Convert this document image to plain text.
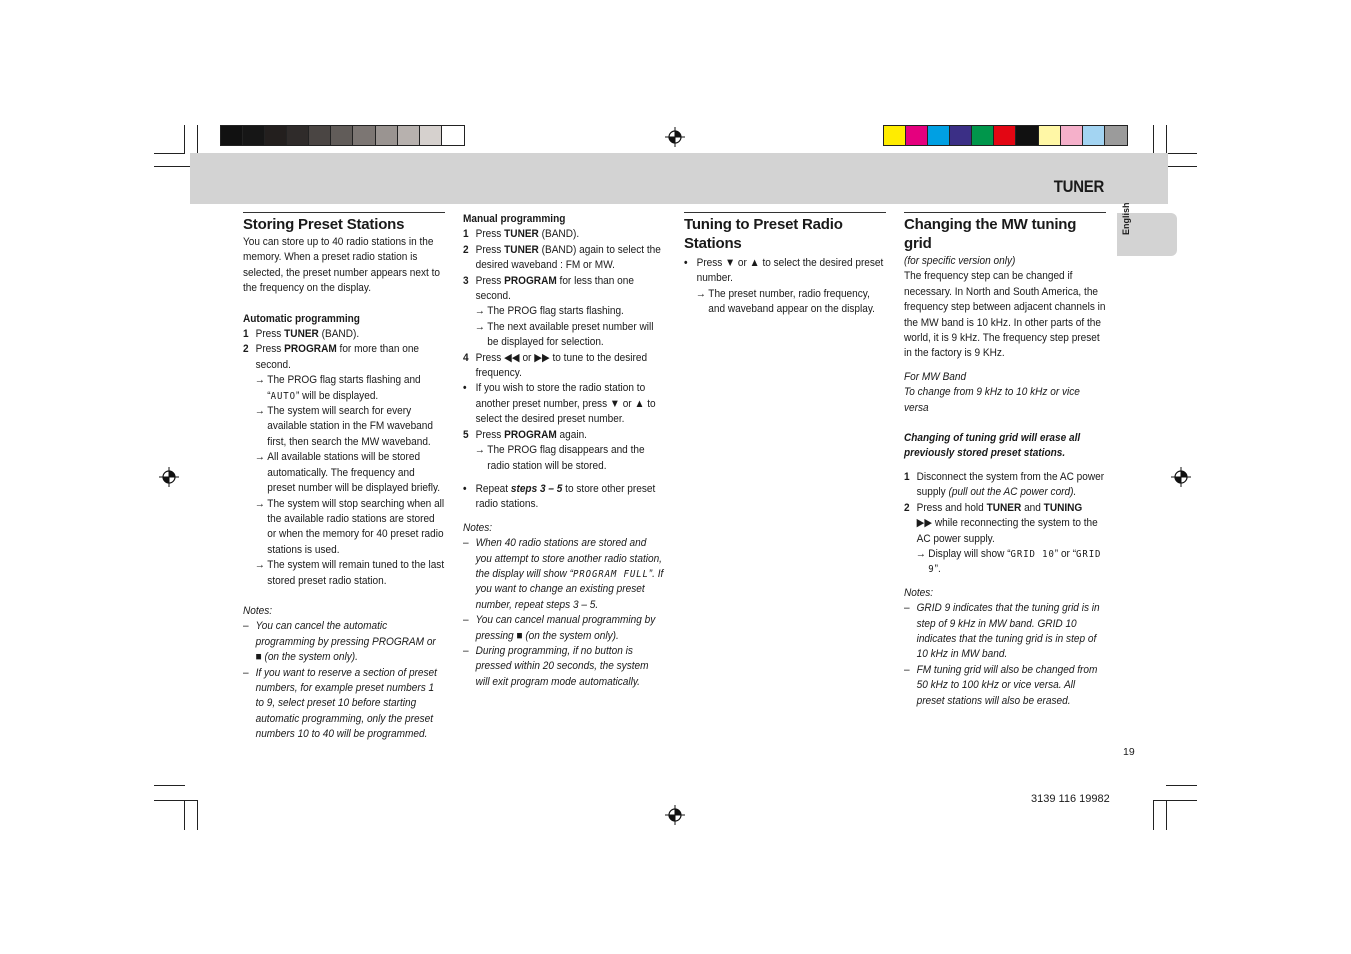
TUNER
English
Storing Preset Stations

You can store up to 40 radio stations in the memory. When a preset radio station is selected, the preset number appears next to the frequency on the display.

Automatic programming
1 Press TUNER (BAND).
2 Press PROGRAM for more than one second.
→ The PROG flag starts flashing and “AUTO” will be displayed.
→ The system will search for every available station in the FM waveband first, then search the MW waveband.
→ All available stations will be stored automatically. The frequency and preset number will be displayed briefly.
→ The system will stop searching when all the available radio stations are stored or when the memory for 40 preset radio stations is used.
→ The system will remain tuned to the last stored preset radio station.

Notes:

– You can cancel the automatic programming by pressing PROGRAM or ■ (on the system only).
– If you want to reserve a section of preset numbers, for example preset numbers 1 to 9, select preset 10 before starting automatic programming, only the preset numbers 10 to 40 will be programmed.
Manual programming
1 Press TUNER (BAND).
2 Press TUNER (BAND) again to select the desired waveband : FM or MW.
3 Press PROGRAM for less than one second.
→ The PROG flag starts flashing.
→ The next available preset number will be displayed for selection.
4 Press ◀◀ or ▶▶ to tune to the desired frequency.
• If you wish to store the radio station to another preset number, press ▼ or ▲ to select the desired preset number.
5 Press PROGRAM again.
→ The PROG flag disappears and the radio station will be stored.
• Repeat steps 3 – 5 to store other preset radio stations.

Notes:

– When 40 radio stations are stored and you attempt to store another radio station, the display will show “PROGRAM FULL”. If you want to change an existing preset number, repeat steps 3 – 5.
– You can cancel manual programming by pressing ■ (on the system only).
– During programming, if no button is pressed within 20 seconds, the system will exit program mode automatically.
Tuning to Preset Radio Stations
• Press ▼ or ▲ to select the desired preset number.
→ The preset number, radio frequency, and waveband appear on the display.
Changing the MW tuning grid

(for specific version only)

The frequency step can be changed if necessary. In North and South America, the frequency step between adjacent channels in the MW band is 10 kHz. In other parts of the world, it is 9 kHz. The frequency step preset in the factory is 9 KHz.

For MW Band

To change from 9 kHz to 10 kHz or vice versa

Changing of tuning grid will erase all previously stored preset stations.

1 Disconnect the system from the AC power supply (pull out the AC power cord).
2 Press and hold TUNER and TUNING
▶▶ while reconnecting the system to the AC power supply.
→ Display will show “GRID 10” or “GRID 9”.

Notes:

– GRID 9 indicates that the tuning grid is in step of 9 kHz in MW band. GRID 10 indicates that the tuning grid is in step of 10 kHz in MW band.
– FM tuning grid will also be changed from 50 kHz to 100 kHz or vice versa. All preset stations will also be erased.
19
3139 116 19982
